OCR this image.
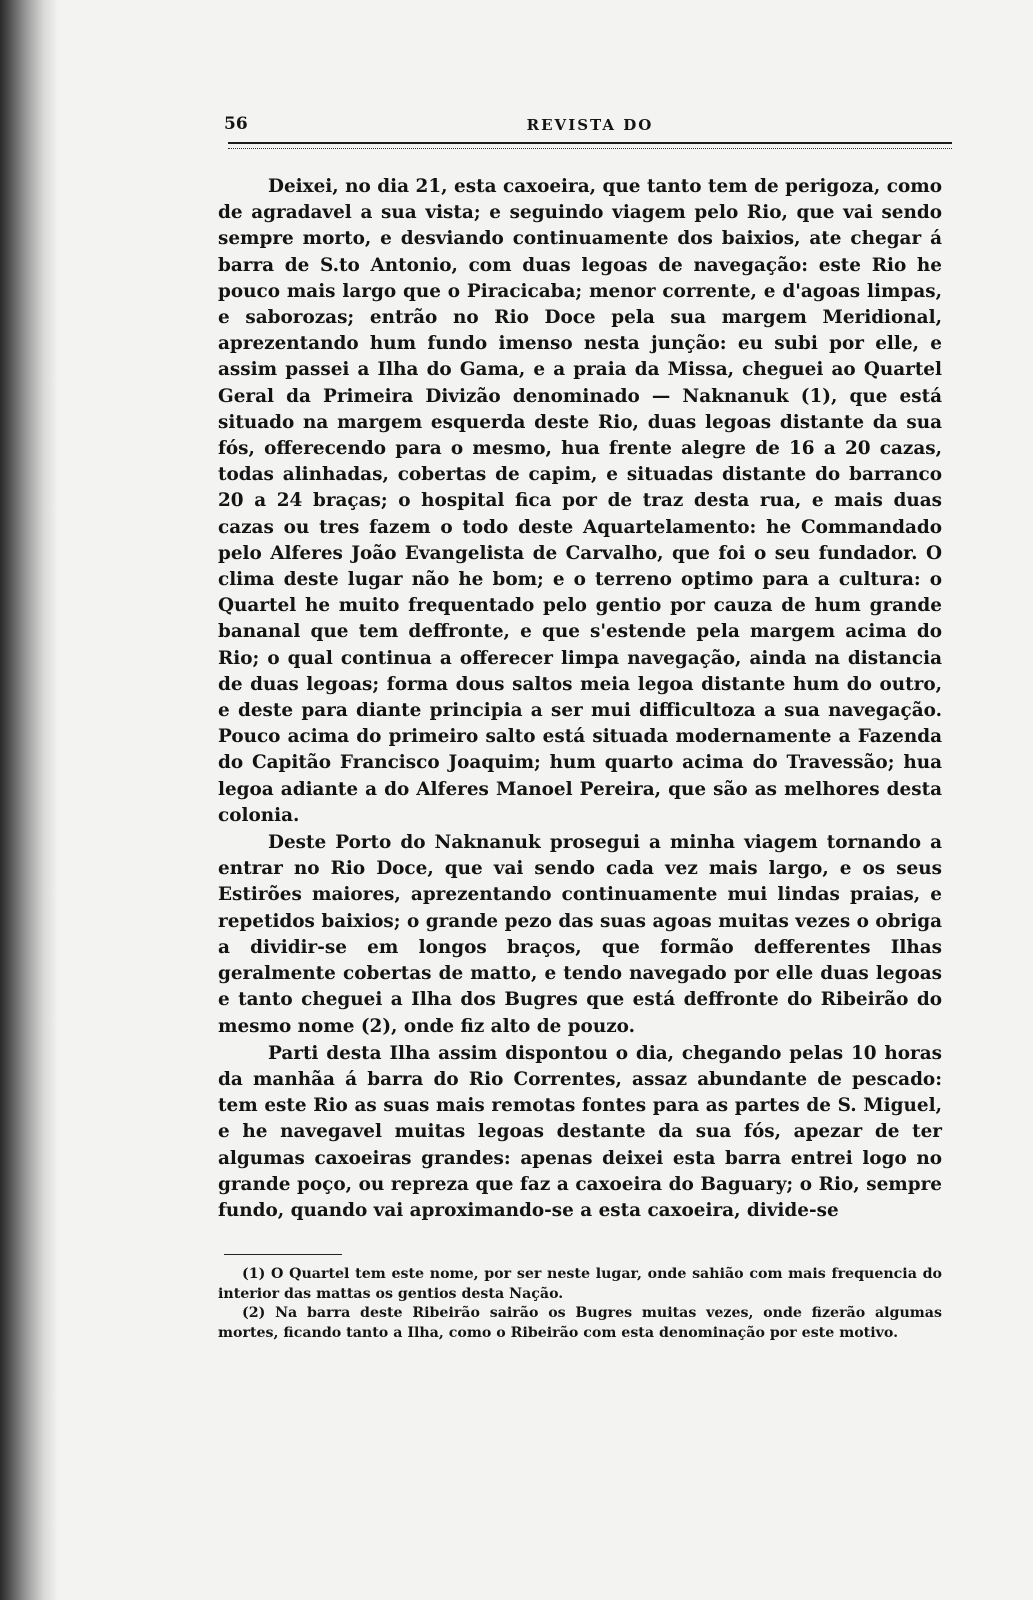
56	REVISTA DO

Deixei, no dia 21, esta caxoeira, que tanto tem de perigoza, como de agradavel a sua vista; e seguindo viagem pelo Rio, que vai sendo sempre morto, e desviando continuamente dos baixios, ate chegar á barra de S.to Antonio, com duas legoas de navegação: este Rio he pouco mais largo que o Piracicaba; menor corrente, e d'agoas limpas, e saborozas; entrão no Rio Doce pela sua margem Meridional, aprezentando hum fundo imenso nesta junção: eu subi por elle, e assim passei a Ilha do Gama, e a praia da Missa, cheguei ao Quartel Geral da Primeira Divizão denominado — Naknanuk (1), que está situado na margem esquerda deste Rio, duas legoas distante da sua fós, offerecendo para o mesmo, hua frente alegre de 16 a 20 cazas, todas alinhadas, cobertas de capim, e situadas distante do barranco 20 a 24 braças; o hospital fica por de traz desta rua, e mais duas cazas ou tres fazem o todo deste Aquartelamento: he Commandado pelo Alferes João Evangelista de Carvalho, que foi o seu fundador. O clima deste lugar não he bom; e o terreno optimo para a cultura: o Quartel he muito frequentado pelo gentio por cauza de hum grande bananal que tem deffronte, e que s'estende pela margem acima do Rio; o qual continua a offerecer limpa navegação, ainda na distancia de duas legoas; forma dous saltos meia legoa distante hum do outro, e deste para diante principia a ser mui difficultoza a sua navegação. Pouco acima do primeiro salto está situada modernamente a Fazenda do Capitão Francisco Joaquim; hum quarto acima do Travessão; hua legoa adiante a do Alferes Manoel Pereira, que são as melhores desta colonia.

Deste Porto do Naknanuk prosegui a minha viagem tornando a entrar no Rio Doce, que vai sendo cada vez mais largo, e os seus Estirões maiores, aprezentando continuamente mui lindas praias, e repetidos baixios; o grande pezo das suas agoas muitas vezes o obriga a dividir-se em longos braços, que formão defferentes Ilhas geralmente cobertas de matto, e tendo navegado por elle duas legoas e tanto cheguei a Ilha dos Bugres que está deffronte do Ribeirão do mesmo nome (2), onde fiz alto de pouzo.

Parti desta Ilha assim dispontou o dia, chegando pelas 10 horas da manhãa á barra do Rio Correntes, assaz abundante de pescado: tem este Rio as suas mais remotas fontes para as partes de S. Miguel, e he navegavel muitas legoas destante da sua fós, apezar de ter algumas caxoeiras grandes: apenas deixei esta barra entrei logo no grande poço, ou repreza que faz a caxoeira do Baguary; o Rio, sempre fundo, quando vai aproximando-se a esta caxoeira, divide-se

(1) O Quartel tem este nome, por ser neste lugar, onde sahião com mais frequencia do interior das mattas os gentios desta Nação.

(2) Na barra deste Ribeirão sairão os Bugres muitas vezes, onde fizerão algumas mortes, ficando tanto a Ilha, como o Ribeirão com esta denominação por este motivo.
